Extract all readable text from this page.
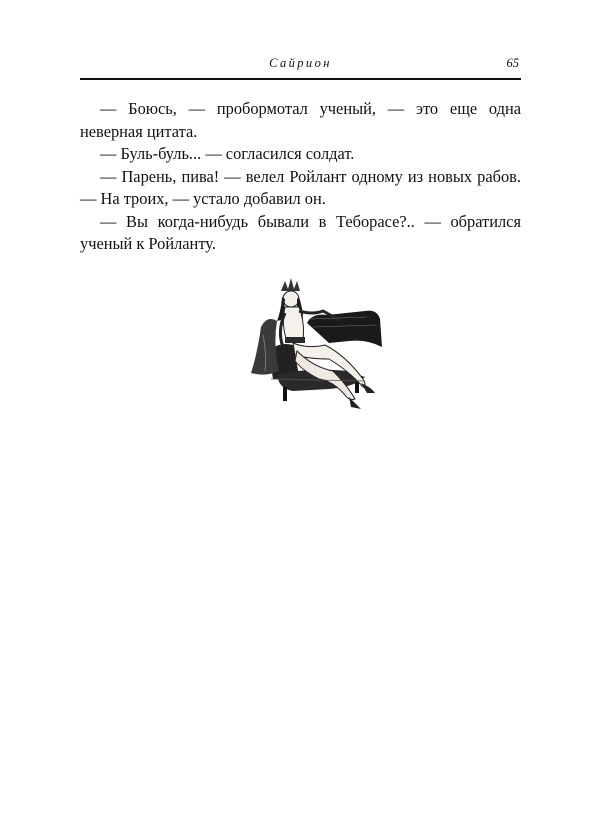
Сайрион	65

— Боюсь, — пробормотал ученый, — это еще одна неверная цитата.

— Буль-буль... — согласился солдат.

— Парень, пива! — велел Ройлант одному из новых рабов. — На троих, — устало добавил он.

— Вы когда-нибудь бывали в Теборасе?.. — обратился ученый к Ройланту.
